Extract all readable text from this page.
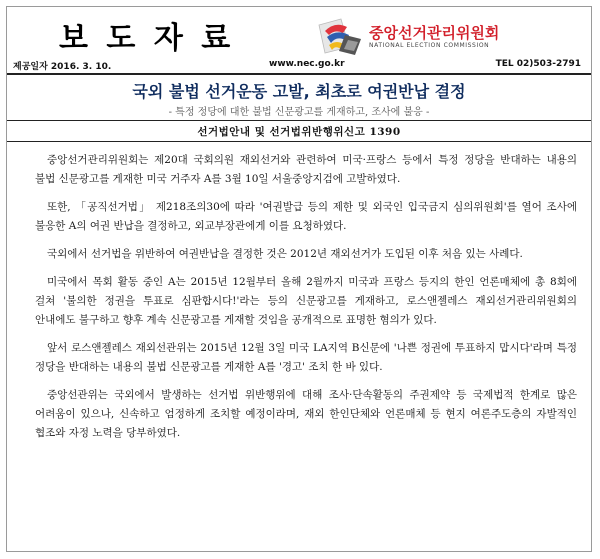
보 도 자 료	중앙선거관리위원회
NATIONAL ELECTION COMMISSION
제공일자 2016. 3. 10.	www.nec.go.kr	TEL 02)503-2791
국외 불법 선거운동 고발, 최초로 여권반납 결정
- 특정 정당에 대한 불법 신문광고를 게재하고, 조사에 불응 -
선거법안내 및 선거법위반행위신고 1390

중앙선거관리위원회는 제20대 국회의원 재외선거와 관련하여 미국·프랑스 등에서 특정 정당을 반대하는 내용의 불법 신문광고를 게재한 미국 거주자 A를 3월 10일 서울중앙지검에 고발하였다.

또한, 「공직선거법」 제218조의30에 따라 '여권발급 등의 제한 및 외국인 입국금지 심의위원회'를 열어 조사에 불응한 A의 여권 반납을 결정하고, 외교부장관에게 이를 요청하였다.

국외에서 선거법을 위반하여 여권반납을 결정한 것은 2012년 재외선거가 도입된 이후 처음 있는 사례다.

미국에서 목회 활동 중인 A는 2015년 12월부터 올해 2월까지 미국과 프랑스 등지의 한인 언론매체에 총 8회에 걸쳐 '불의한 정권을 투표로 심판합시다!'라는 등의 신문광고를 게재하고, 로스앤젤레스 재외선거관리위원회의 안내에도 불구하고 향후 계속 신문광고를 게재할 것임을 공개적으로 표명한 혐의가 있다.

앞서 로스앤젤레스 재외선관위는 2015년 12월 3일 미국 LA지역 B신문에 '나쁜 정권에 투표하지 맙시다'라며 특정 정당을 반대하는 내용의 불법 신문광고를 게재한 A를 '경고' 조치 한 바 있다.

중앙선관위는 국외에서 발생하는 선거법 위반행위에 대해 조사·단속활동의 주권제약 등 국제법적 한계로 많은 어려움이 있으나, 신속하고 엄정하게 조치할 예정이라며, 재외 한인단체와 언론매체 등 현지 여론주도층의 자발적인 협조와 자정 노력을 당부하였다.
